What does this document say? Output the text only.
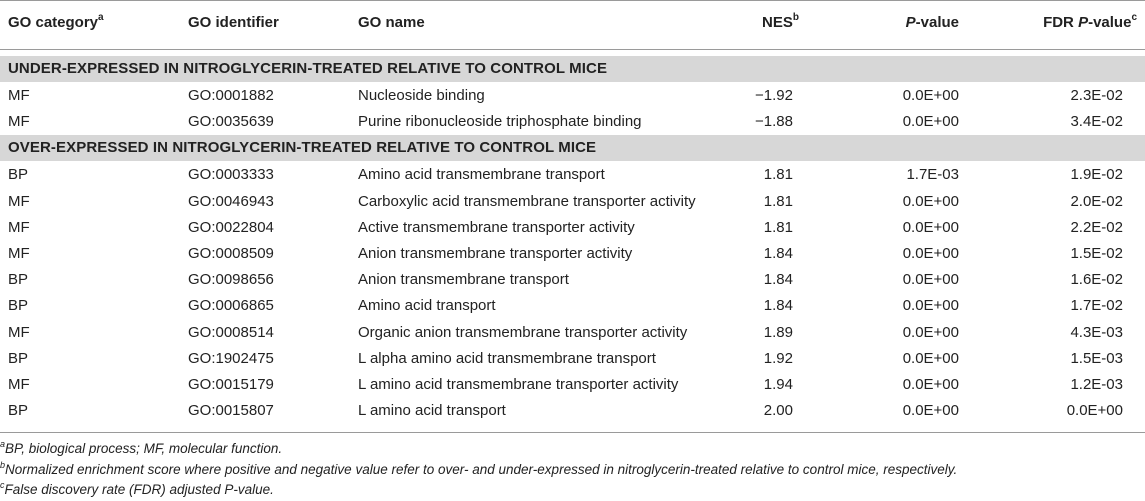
GO category$^a$	GO identifier	GO name	NES$^b$	P-value	FDR P-value$^c$
UNDER-EXPRESSED IN NITROGLYCERIN-TREATED RELATIVE TO CONTROL MICE
MF	GO:0001882	Nucleoside binding	−1.92	0.0E+00	2.3E-02
MF	GO:0035639	Purine ribonucleoside triphosphate binding	−1.88	0.0E+00	3.4E-02
OVER-EXPRESSED IN NITROGLYCERIN-TREATED RELATIVE TO CONTROL MICE
BP	GO:0003333	Amino acid transmembrane transport	1.81	1.7E-03	1.9E-02
MF	GO:0046943	Carboxylic acid transmembrane transporter activity	1.81	0.0E+00	2.0E-02
MF	GO:0022804	Active transmembrane transporter activity	1.81	0.0E+00	2.2E-02
MF	GO:0008509	Anion transmembrane transporter activity	1.84	0.0E+00	1.5E-02
BP	GO:0098656	Anion transmembrane transport	1.84	0.0E+00	1.6E-02
BP	GO:0006865	Amino acid transport	1.84	0.0E+00	1.7E-02
MF	GO:0008514	Organic anion transmembrane transporter activity	1.89	0.0E+00	4.3E-03
BP	GO:1902475	L alpha amino acid transmembrane transport	1.92	0.0E+00	1.5E-03
MF	GO:0015179	L amino acid transmembrane transporter activity	1.94	0.0E+00	1.2E-03
BP	GO:0015807	L amino acid transport	2.00	0.0E+00	0.0E+00
$^a$BP, biological process; MF, molecular function.
$^b$Normalized enrichment score where positive and negative value refer to over- and under-expressed in nitroglycerin-treated relative to control mice, respectively.
$^c$False discovery rate (FDR) adjusted P-value.
